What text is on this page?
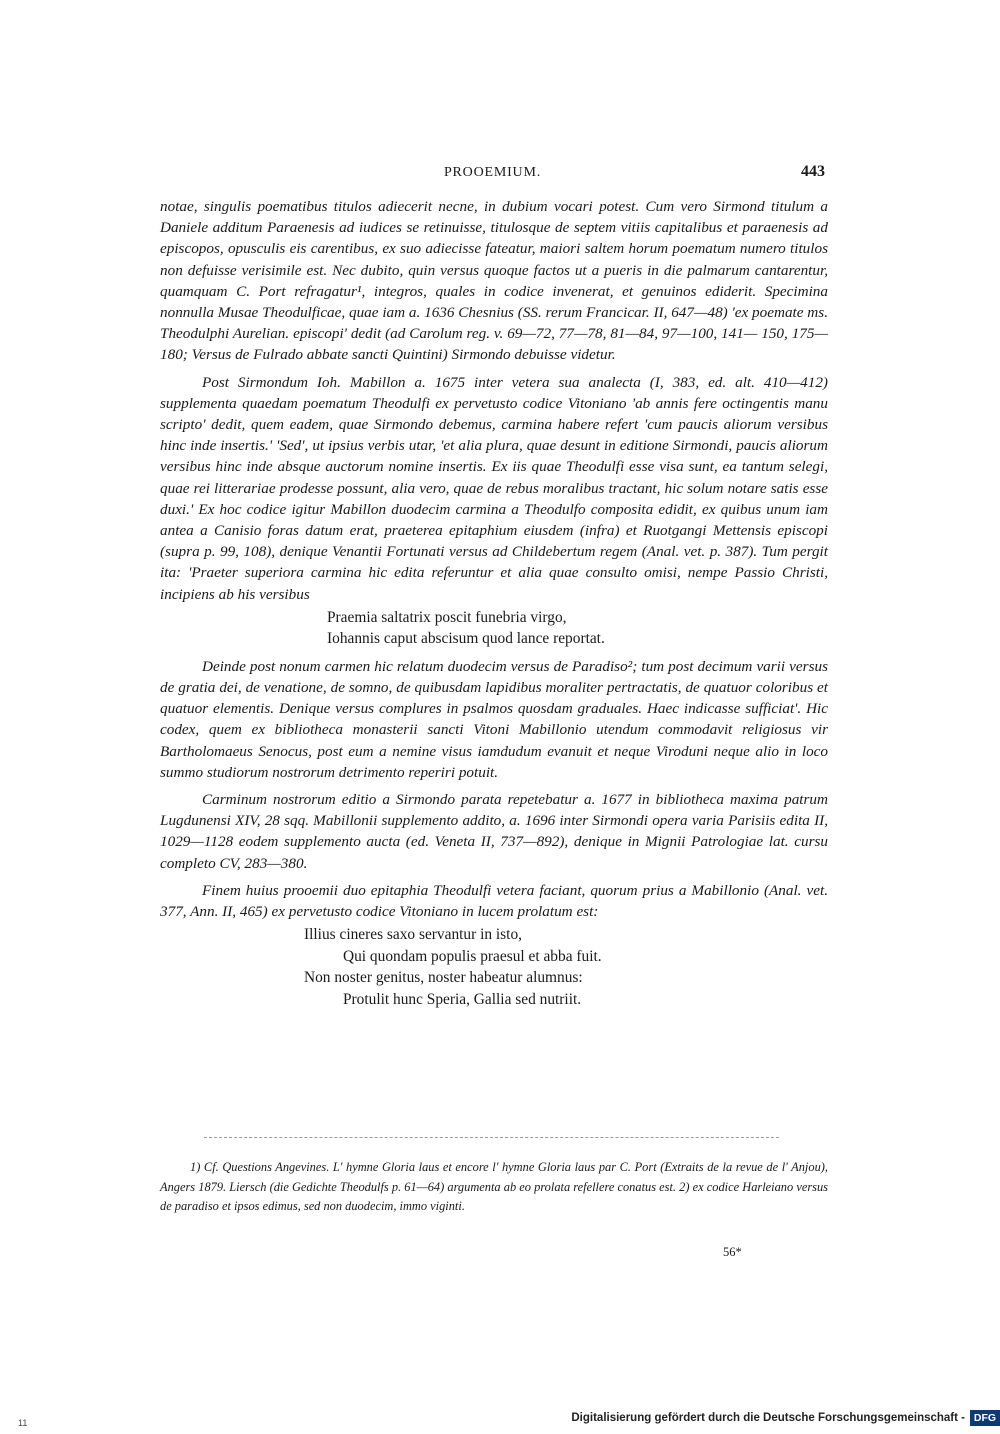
PROOEMIUM.	443

notae, singulis poematibus titulos adiecerit necne, in dubium vocari potest. Cum vero Sirmond titulum a Daniele additum Paraenesis ad iudices se retinuisse, titulosque de septem vitiis capitalibus et paraenesis ad episcopos, opusculis eis carentibus, ex suo adiecisse fateatur, maiori saltem horum poematum numero titulos non defuisse verisimile est. Nec dubito, quin versus quoque factos ut a pueris in die palmarum cantarentur, quamquam C. Port refragatur¹, integros, quales in codice invenerat, et genuinos ediderit. Specimina nonnulla Musae Theodulficae, quae iam a. 1636 Chesnius (SS. rerum Francicar. II, 647—48) 'ex poemate ms. Theodulphi Aurelian. episcopi' dedit (ad Carolum reg. v. 69—72, 77—78, 81—84, 97—100, 141— 150, 175—180; Versus de Fulrado abbate sancti Quintini) Sirmondo debuisse videtur.

Post Sirmondum Ioh. Mabillon a. 1675 inter vetera sua analecta (I, 383, ed. alt. 410—412) supplementa quaedam poematum Theodulfi ex pervetusto codice Vitoniano 'ab annis fere octingentis manu scripto' dedit, quem eadem, quae Sirmondo debemus, carmina habere refert 'cum paucis aliorum versibus hinc inde insertis.' 'Sed', ut ipsius verbis utar, 'et alia plura, quae desunt in editione Sirmondi, paucis aliorum versibus hinc inde absque auctorum nomine insertis. Ex iis quae Theodulfi esse visa sunt, ea tantum selegi, quae rei litterariae prodesse possunt, alia vero, quae de rebus moralibus tractant, hic solum notare satis esse duxi.' Ex hoc codice igitur Mabillon duodecim carmina a Theodulfo composita edidit, ex quibus unum iam antea a Canisio foras datum erat, praeterea epitaphium eiusdem (infra) et Ruotgangi Mettensis episcopi (supra p. 99, 108), denique Venantii Fortunati versus ad Childebertum regem (Anal. vet. p. 387). Tum pergit ita: 'Praeter superiora carmina hic edita referuntur et alia quae consulto omisi, nempe Passio Christi, incipiens ab his versibus

Praemia saltatrix poscit funebria virgo,
Iohannis caput abscisum quod lance reportat.

Deinde post nonum carmen hic relatum duodecim versus de Paradiso²; tum post decimum varii versus de gratia dei, de venatione, de somno, de quibusdam lapidibus moraliter pertractatis, de quatuor coloribus et quatuor elementis. Denique versus complures in psalmos quosdam graduales. Haec indicasse sufficiat'. Hic codex, quem ex bibliotheca monasterii sancti Vitoni Mabillonio utendum commodavit religiosus vir Bartholomaeus Senocus, post eum a nemine visus iamdudum evanuit et neque Viroduni neque alio in loco summo studiorum nostrorum detrimento reperiri potuit.

Carminum nostrorum editio a Sirmondo parata repetebatur a. 1677 in bibliotheca maxima patrum Lugdunensi XIV, 28 sqq. Mabillonii supplemento addito, a. 1696 inter Sirmondi opera varia Parisiis edita II, 1029—1128 eodem supplemento aucta (ed. Veneta II, 737—892), denique in Mignii Patrologiae lat. cursu completo CV, 283—380.

Finem huius prooemii duo epitaphia Theodulfi vetera faciant, quorum prius a Mabillonio (Anal. vet. 377, Ann. II, 465) ex pervetusto codice Vitoniano in lucem prolatum est:

Illius cineres saxo servantur in isto,
Qui quondam populis praesul et abba fuit.
Non noster genitus, noster habeatur alumnus:
Protulit hunc Speria, Gallia sed nutriit.

1) Cf. Questions Angevines. L' hymne Gloria laus et encore l' hymne Gloria laus par C. Port (Extraits de la revue de l' Anjou), Angers 1879. Liersch (die Gedichte Theodulfs p. 61—64) argumenta ab eo prolata refellere conatus est. 2) ex codice Harleiano versus de paradiso et ipsos edimus, sed non duodecim, immo viginti.

56*
11	Digitalisierung gefördert durch die Deutsche Forschungsgemeinschaft - DFG
